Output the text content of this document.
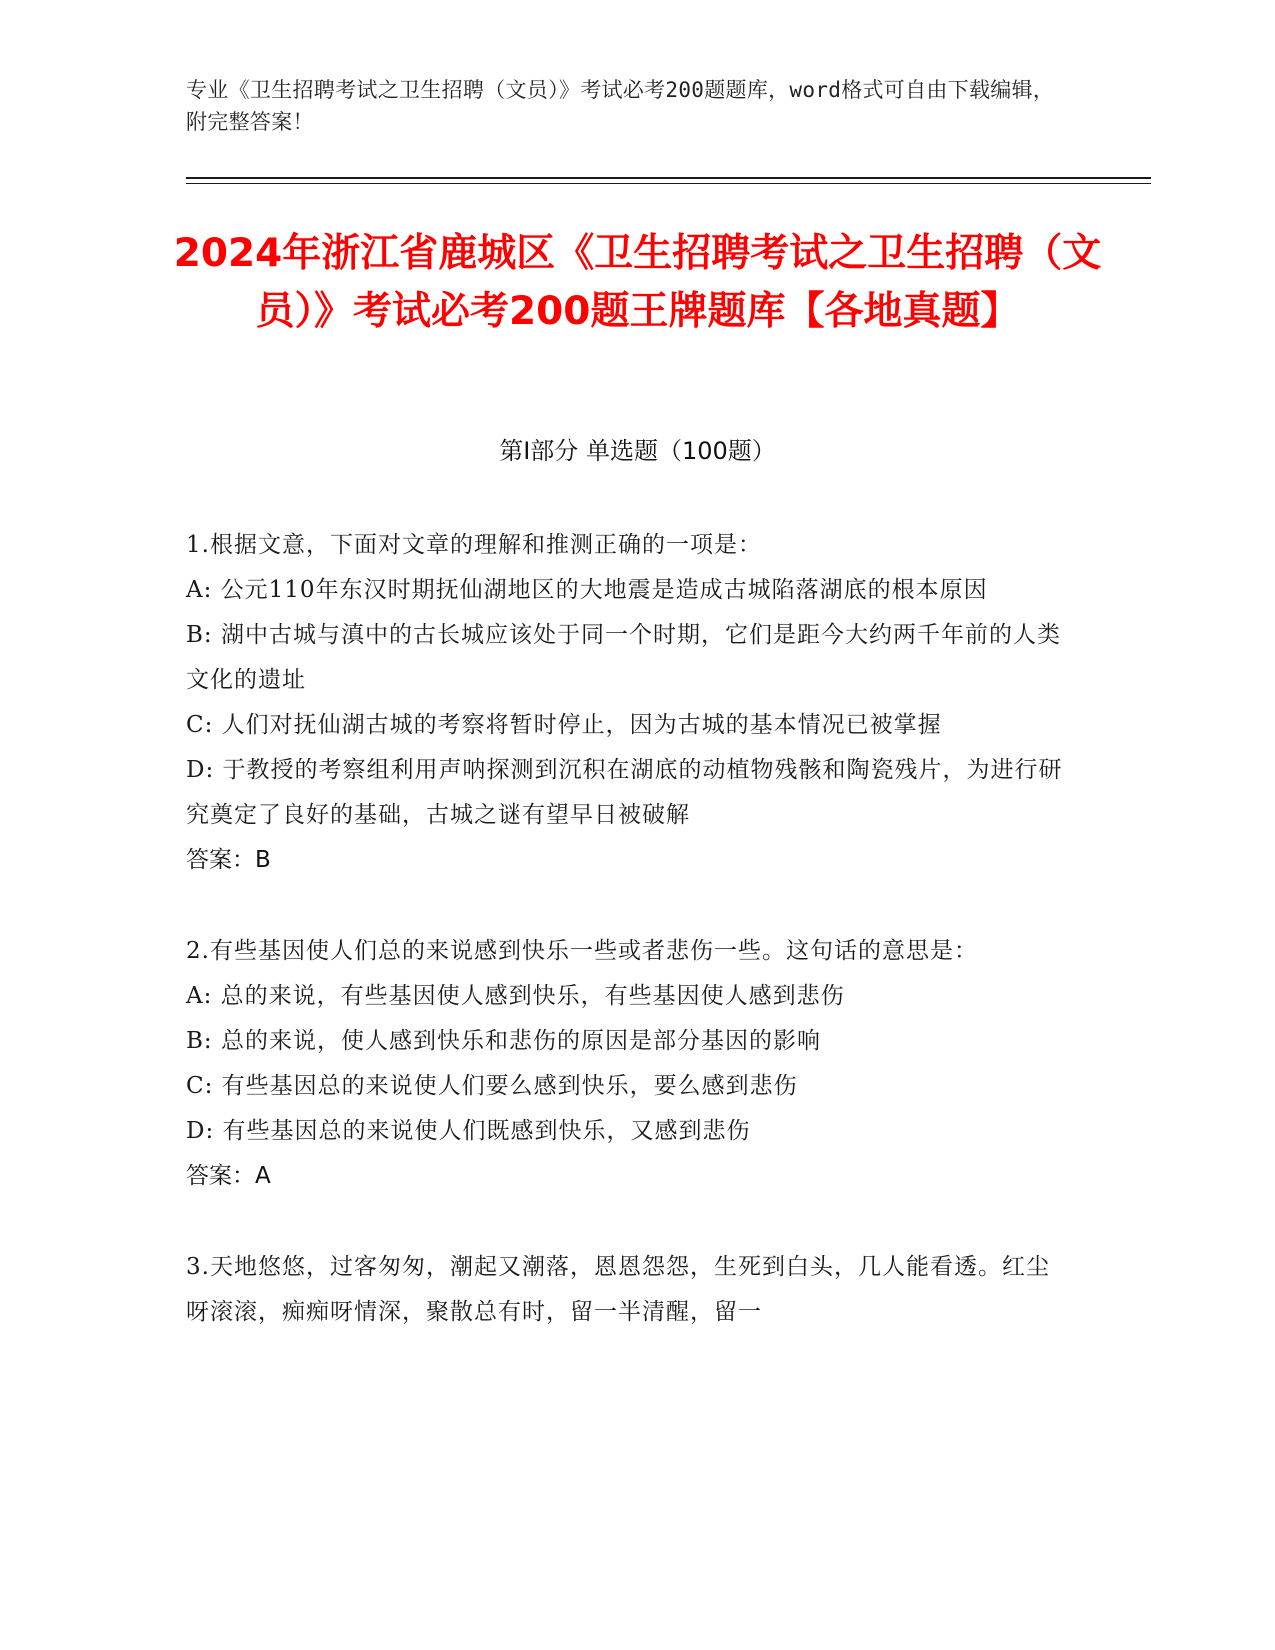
专业《卫生招聘考试之卫生招聘（文员）》考试必考200题题库，word格式可自由下载编辑，附完整答案！
2024年浙江省鹿城区《卫生招聘考试之卫生招聘（文员）》考试必考200题王牌题库【各地真题】
第I部分 单选题（100题）

1.根据文意，下面对文章的理解和推测正确的一项是：

A: 公元110年东汉时期抚仙湖地区的大地震是造成古城陷落湖底的根本原因

B: 湖中古城与滇中的古长城应该处于同一个时期，它们是距今大约两千年前的人类文化的遗址

C: 人们对抚仙湖古城的考察将暂时停止，因为古城的基本情况已被掌握

D: 于教授的考察组利用声呐探测到沉积在湖底的动植物残骸和陶瓷残片，为进行研究奠定了良好的基础，古城之谜有望早日被破解

答案：B

2.有些基因使人们总的来说感到快乐一些或者悲伤一些。这句话的意思是：

A: 总的来说，有些基因使人感到快乐，有些基因使人感到悲伤

B: 总的来说，使人感到快乐和悲伤的原因是部分基因的影响

C: 有些基因总的来说使人们要么感到快乐，要么感到悲伤

D: 有些基因总的来说使人们既感到快乐，又感到悲伤

答案：A

3.天地悠悠，过客匆匆，潮起又潮落，恩恩怨怨，生死到白头，几人能看透。红尘呀滚滚，痴痴呀情深，聚散总有时，留一半清醒，留一
